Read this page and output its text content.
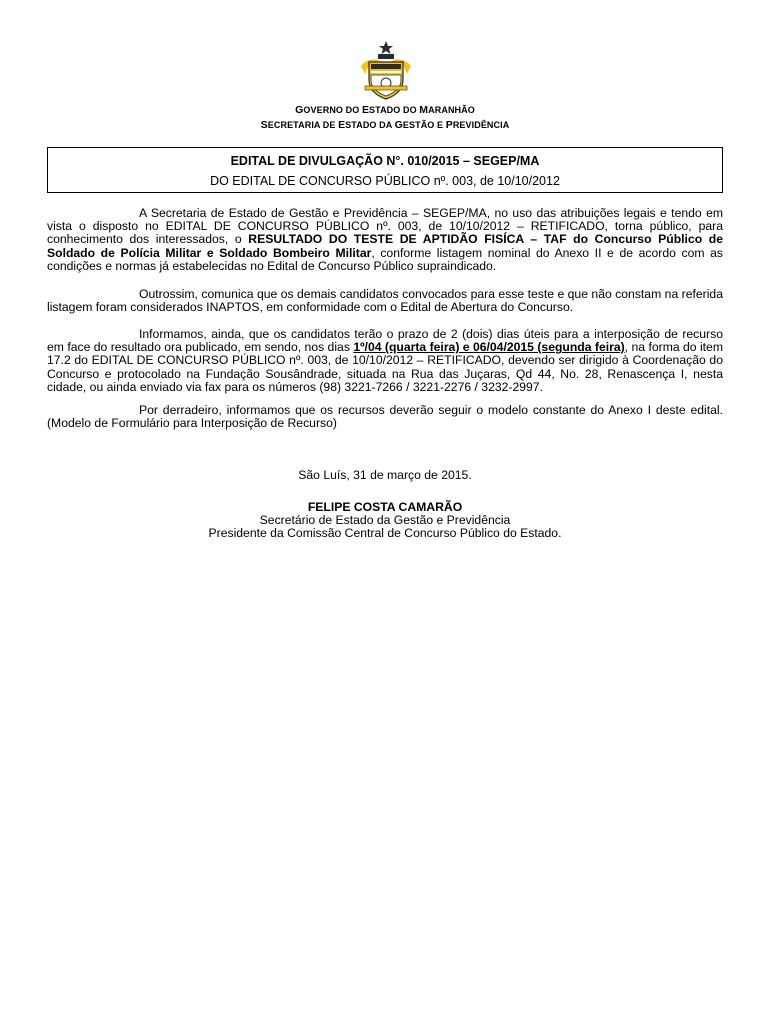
GOVERNO DO ESTADO DO MARANHÃO
SECRETARIA DE ESTADO DA GESTÃO E PREVIDÊNCIA
EDITAL DE DIVULGAÇÃO N°. 010/2015 – SEGEP/MA
DO EDITAL DE CONCURSO PÚBLICO nº. 003, de 10/10/2012
A Secretaria de Estado de Gestão e Previdência – SEGEP/MA, no uso das atribuições legais e tendo em vista o disposto no EDITAL DE CONCURSO PÚBLICO nº. 003, de 10/10/2012 – RETIFICADO, torna público, para conhecimento dos interessados, o RESULTADO DO TESTE DE APTIDÃO FISÍCA – TAF do Concurso Público de Soldado de Polícia Militar e Soldado Bombeiro Militar, conforme listagem nominal do Anexo II e de acordo com as condições e normas já estabelecidas no Edital de Concurso Público supraindicado.
Outrossim, comunica que os demais candidatos convocados para esse teste e que não constam na referida listagem foram considerados INAPTOS, em conformidade com o Edital de Abertura do Concurso.
Informamos, ainda, que os candidatos terão o prazo de 2 (dois) dias úteis para a interposição de recurso em face do resultado ora publicado, em sendo, nos dias 1º/04 (quarta feira) e 06/04/2015 (segunda feira), na forma do item 17.2 do EDITAL DE CONCURSO PÚBLICO nº. 003, de 10/10/2012 – RETIFICADO, devendo ser dirigido à Coordenação do Concurso e protocolado na Fundação Sousândrade, situada na Rua das Juçaras, Qd 44, No. 28, Renascença I, nesta cidade, ou ainda enviado via fax para os números (98) 3221-7266 / 3221-2276 / 3232-2997.
Por derradeiro, informamos que os recursos deverão seguir o modelo constante do Anexo I deste edital. (Modelo de Formulário para Interposição de Recurso)
São Luís, 31 de março de 2015.
FELIPE COSTA CAMARÃO
Secretário de Estado da Gestão e Previdência
Presidente da Comissão Central de Concurso Público do Estado.
